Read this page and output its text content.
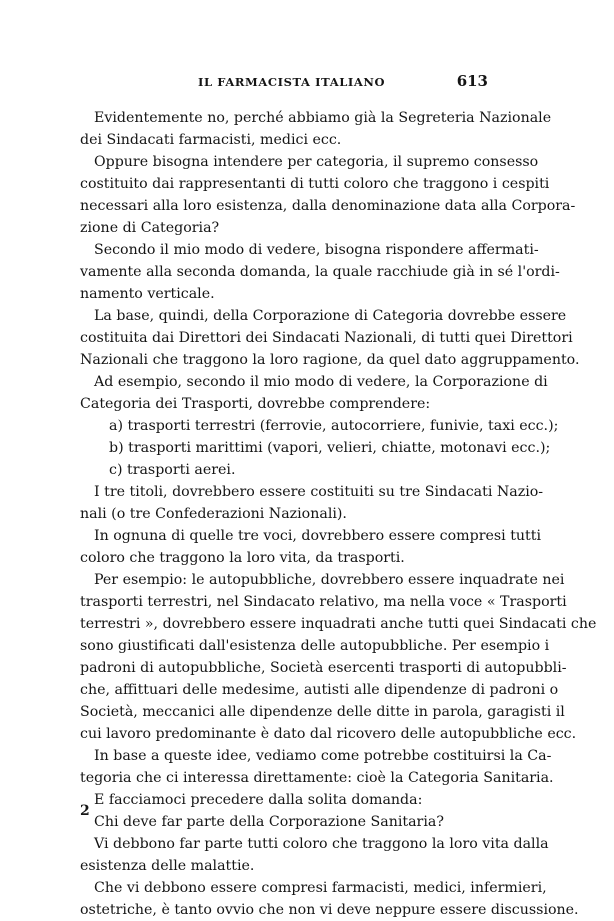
IL FARMACISTA ITALIANO	613
Evidentemente no, perché abbiamo già la Segreteria Nazionale
dei Sindacati farmacisti, medici ecc.
Oppure bisogna intendere per categoria, il supremo consesso
costituito dai rappresentanti di tutti coloro che traggono i cespiti
necessari alla loro esistenza, dalla denominazione data alla Corpora-
zione di Categoria?
Secondo il mio modo di vedere, bisogna rispondere affermati-
vamente alla seconda domanda, la quale racchiude già in sé l'ordi-
namento verticale.
La base, quindi, della Corporazione di Categoria dovrebbe essere
costituita dai Direttori dei Sindacati Nazionali, di tutti quei Direttori
Nazionali che traggono la loro ragione, da quel dato aggruppamento.
Ad esempio, secondo il mio modo di vedere, la Corporazione di
Categoria dei Trasporti, dovrebbe comprendere:
a) trasporti terrestri (ferrovie, autocorriere, funivie, taxi ecc.);
b) trasporti marittimi (vapori, velieri, chiatte, motonavi ecc.);
c) trasporti aerei.
I tre titoli, dovrebbero essere costituiti su tre Sindacati Nazio-
nali (o tre Confederazioni Nazionali).
In ognuna di quelle tre voci, dovrebbero essere compresi tutti
coloro che traggono la loro vita, da trasporti.
Per esempio: le autopubbliche, dovrebbero essere inquadrate nei
trasporti terrestri, nel Sindacato relativo, ma nella voce « Trasporti
terrestri », dovrebbero essere inquadrati anche tutti quei Sindacati che
sono giustificati dall'esistenza delle autopubbliche. Per esempio i
padroni di autopubbliche, Società esercenti trasporti di autopubbli-
che, affittuari delle medesime, autisti alle dipendenze di padroni o
Società, meccanici alle dipendenze delle ditte in parola, garagisti il
cui lavoro predominante è dato dal ricovero delle autopubbliche ecc.
In base a queste idee, vediamo come potrebbe costituirsi la Ca-
tegoria che ci interessa direttamente: cioè la Categoria Sanitaria.
E facciamoci precedere dalla solita domanda:
Chi deve far parte della Corporazione Sanitaria?
Vi debbono far parte tutti coloro che traggono la loro vita dalla
esistenza delle malattie.
Che vi debbono essere compresi farmacisti, medici, infermieri,
ostetriche, è tanto ovvio che non vi deve neppure essere discussione.
2
